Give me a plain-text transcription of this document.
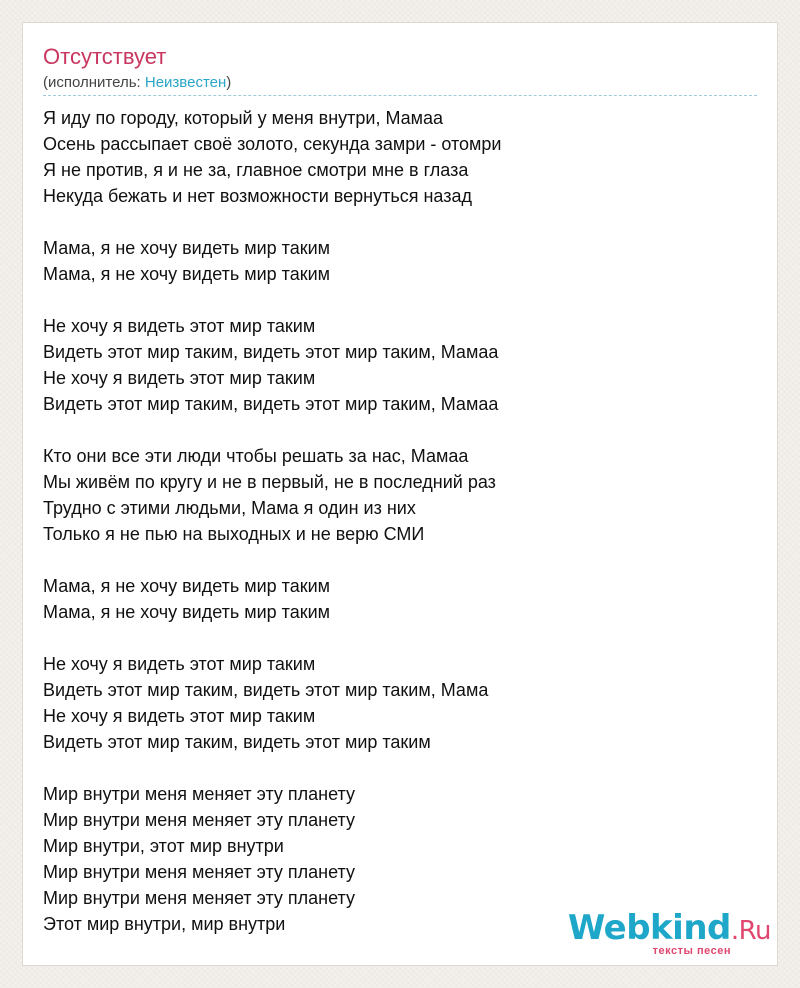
Отсутствует
(исполнитель: Неизвестен)
Я иду по городу, который у меня внутри, Мамаа
Осень рассыпает своё золото, секунда замри - отомри
Я не против, я и не за, главное смотри мне в глаза
Некуда бежать и нет возможности вернуться назад
Мама, я не хочу видеть мир таким
Мама, я не хочу видеть мир таким
Не хочу я видеть этот мир таким
Видеть этот мир таким, видеть этот мир таким, Мамаа
Не хочу я видеть этот мир таким
Видеть этот мир таким, видеть этот мир таким, Мамаа
Кто они все эти люди чтобы решать за нас, Мамаа
Мы живём по кругу и не в первый, не в последний раз
Трудно с этими людьми, Мама я один из них
Только я не пью на выходных и не верю СМИ
Мама, я не хочу видеть мир таким
Мама, я не хочу видеть мир таким
Не хочу я видеть этот мир таким
Видеть этот мир таким, видеть этот мир таким, Мама
Не хочу я видеть этот мир таким
Видеть этот мир таким, видеть этот мир таким
Мир внутри меня меняет эту планету
Мир внутри меня меняет эту планету
Мир внутри, этот мир внутри
Мир внутри меня меняет эту планету
Мир внутри меня меняет эту планету
Этот мир внутри, мир внутри	Webkind.Ru
тексты песен
